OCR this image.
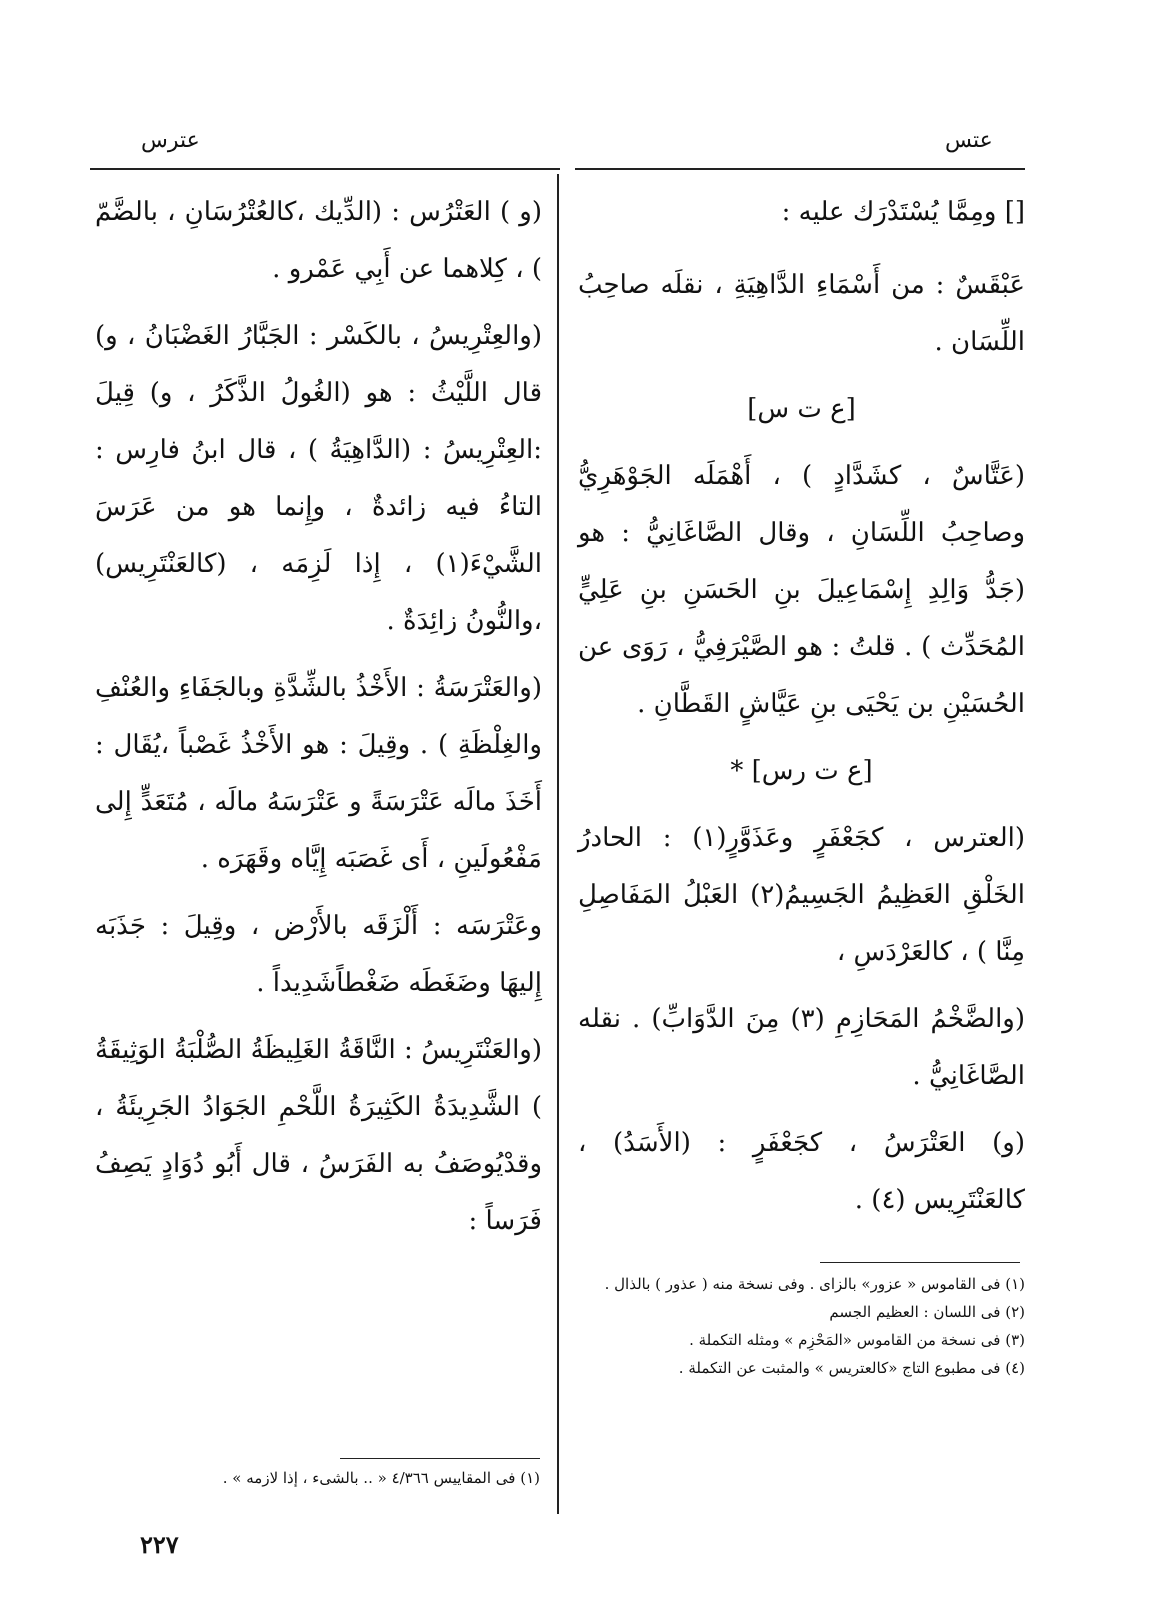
عتس
عترس

[] ومِمَّا يُسْتَدْرَك عليه :

عَبْقَسٌ : من أَسْمَاءِ الدَّاهِيَةِ ، نقلَه صاحِبُ اللِّسَان .

[ع ت س]

(عَتَّاسٌ ، كشَدَّادٍ ) ، أَهْمَلَه الجَوْهَرِيُّ وصاحِبُ اللِّسَانِ ، وقال الصَّاغَانِيُّ : هو (جَدُّ وَالِدِ إِسْمَاعِيلَ بنِ الحَسَنِ بنِ عَلِيٍّ المُحَدِّث ) . قلتُ : هو الصَّيْرَفِيُّ ، رَوَى عن الحُسَيْنِ بن يَحْيَى بنِ عَيَّاشٍ القَطَّانِ .

[ع ت رس] *

(العترس ، كجَعْفَرٍ وعَذَوَّرٍ(١) : الحادرُ الخَلْقِ العَظِيمُ الجَسِيمُ(٢) العَبْلُ المَفَاصِلِ مِنَّا ) ، كالعَرْدَسِ ،

(والضَّخْمُ المَحَازِمِ (٣) مِنَ الدَّوَابِّ) . نقله الصَّاغَانِيُّ .

(و) العَتْرَسُ ، كجَعْفَرٍ : (الأَسَدُ) ، كالعَنْتَرِيس (٤) .

(١) فى القاموس « عزور» بالزاى . وفى نسخة منه ( عذور ) بالذال .
(٢) فى اللسان : العظيم الجسم
(٣) فى نسخة من القاموس «المَحْزِم » ومثله التكملة .
(٤) فى مطبوع التاج «كالعتريس » والمثبت عن التكملة .

(و ) العَتْرُس : (الدِّيك ،كالعُتْرُسَانِ ، بالضَّمّ ) ، كِلاهما عن أَبِي عَمْرو .

(والعِتْرِيسُ ، بالكَسْر : الجَبَّارُ الغَضْبَانُ ، و) قال اللَّيْثُ : هو (الغُولُ الذَّكَرُ ، و) قِيلَ :العِتْرِيسُ : (الدَّاهِيَةُ ) ، قال ابنُ فارِس : التاءُ فيه زائدةٌ ، وإِنما هو من عَرَسَ الشَّيْءَ(١) ، إِذا لَزِمَه ، (كالعَنْتَرِيس) ،والنُّونُ زائِدَةٌ .

(والعَتْرَسَةُ : الأَخْذُ بالشِّدَّةِ وبالجَفَاءِ والعُنْفِ والغِلْظَةِ ) . وقِيلَ : هو الأَخْذُ غَصْباً ،يُقَال : أَخَذَ مالَه عَتْرَسَةً و عَتْرَسَهُ مالَه ، مُتَعَدٍّ إِلى مَفْعُولَينِ ، أَى غَصَبَه إِيَّاه وقَهَرَه .

وعَتْرَسَه : أَلْزَقَه بالأَرْض ، وقِيلَ : جَذَبَه إِليهَا وضَغَطَه ضَغْطاًشَدِيداً .

(والعَنْتَرِيسُ : النَّاقَةُ الغَلِيظَةُ الصُّلْبَةُ الوَثِيقَةُ ) الشَّدِيدَةُ الكَثِيرَةُ اللَّحْمِ الجَوَادُ الجَرِيئَةُ ، وقدْيُوصَفُ به الفَرَسُ ، قال أَبُو دُوَادٍ يَصِفُ فَرَساً :

(١) فى المقاييس ٤/٣٦٦ « .. بالشىء ، إذا لازمه » .
٢٢٧
